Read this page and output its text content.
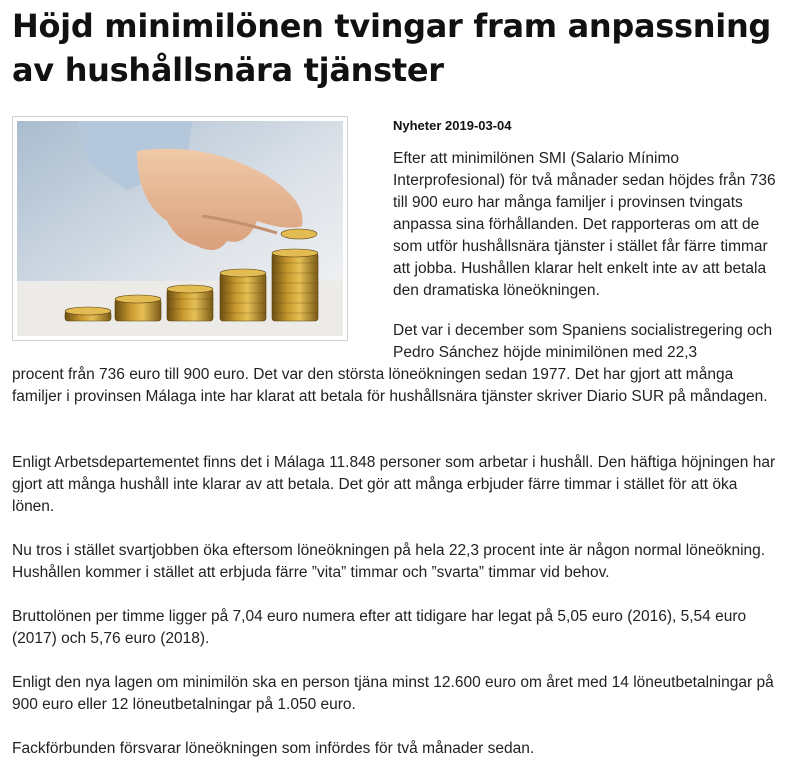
Höjd minimilönen tvingar fram anpassning av hushållsnära tjänster
Nyheter 2019-03-04

Efter att minimilönen SMI (Salario Mínimo Interprofesional) för två månader sedan höjdes från 736 till 900 euro har många familjer i provinsen tvingats anpassa sina förhållanden. Det rapporteras om att de som utför hushållsnära tjänster i stället får färre timmar att jobba. Hushållen klarar helt enkelt inte av att betala den dramatiska löneökningen.

Det var i december som Spaniens socialistregering och Pedro Sánchez höjde minimilönen med 22,3

procent från 736 euro till 900 euro. Det var den största löneökningen sedan 1977. Det har gjort att många familjer i provinsen Málaga inte har klarat att betala för hushållsnära tjänster skriver Diario SUR på måndagen.

Enligt Arbetsdepartementet finns det i Málaga 11.848 personer som arbetar i hushåll. Den häftiga höjningen har gjort att många hushåll inte klarar av att betala. Det gör att många erbjuder färre timmar i stället för att öka lönen.

Nu tros i stället svartjobben öka eftersom löneökningen på hela 22,3 procent inte är någon normal löneökning. Hushållen kommer i stället att erbjuda färre ”vita” timmar och ”svarta” timmar vid behov.

Bruttolönen per timme ligger på 7,04 euro numera efter att tidigare har legat på 5,05 euro (2016), 5,54 euro (2017) och 5,76 euro (2018).

Enligt den nya lagen om minimilön ska en person tjäna minst 12.600 euro om året med 14 löneutbetalningar på 900 euro eller 12 löneutbetalningar på 1.050 euro.

Fackförbunden försvarar löneökningen som infördes för två månader sedan.
